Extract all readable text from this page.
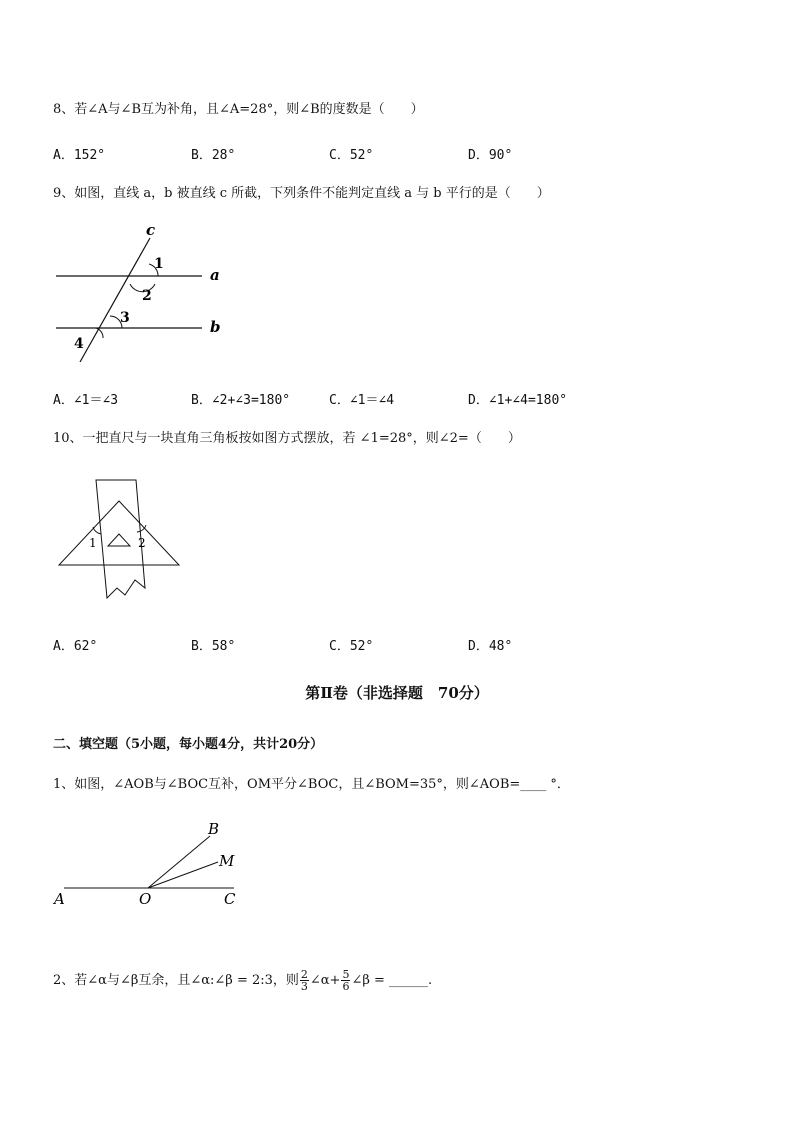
8、若∠A与∠B互为补角，且∠A=28°，则∠B的度数是（　　）
A．152°	B．28°	C．52°	D．90°
9、如图，直线 a，b 被直线 c 所截，下列条件不能判定直线 a 与 b 平行的是（　　）
c
a
b
1
2
3
4
A．∠1＝∠3	B．∠2+∠3=180°	C．∠1＝∠4	D．∠1+∠4=180°
10、一把直尺与一块直角三角板按如图方式摆放，若 ∠1=28°，则∠2=（　　）
1	2
A．62°	B．58°	C．52°	D．48°
第Ⅱ卷（非选择题　70分）
二、填空题（5小题，每小题4分，共计20分）
1、如图，∠AOB与∠BOC互补，OM平分∠BOC，且∠BOM=35°，则∠AOB=____ °．
A	O	C
B
M
2、若∠α与∠β互余，且∠α:∠β = 2:3，则 $\frac{2}{3}$ ∠α+ $\frac{5}{6}$ ∠β = ______.
